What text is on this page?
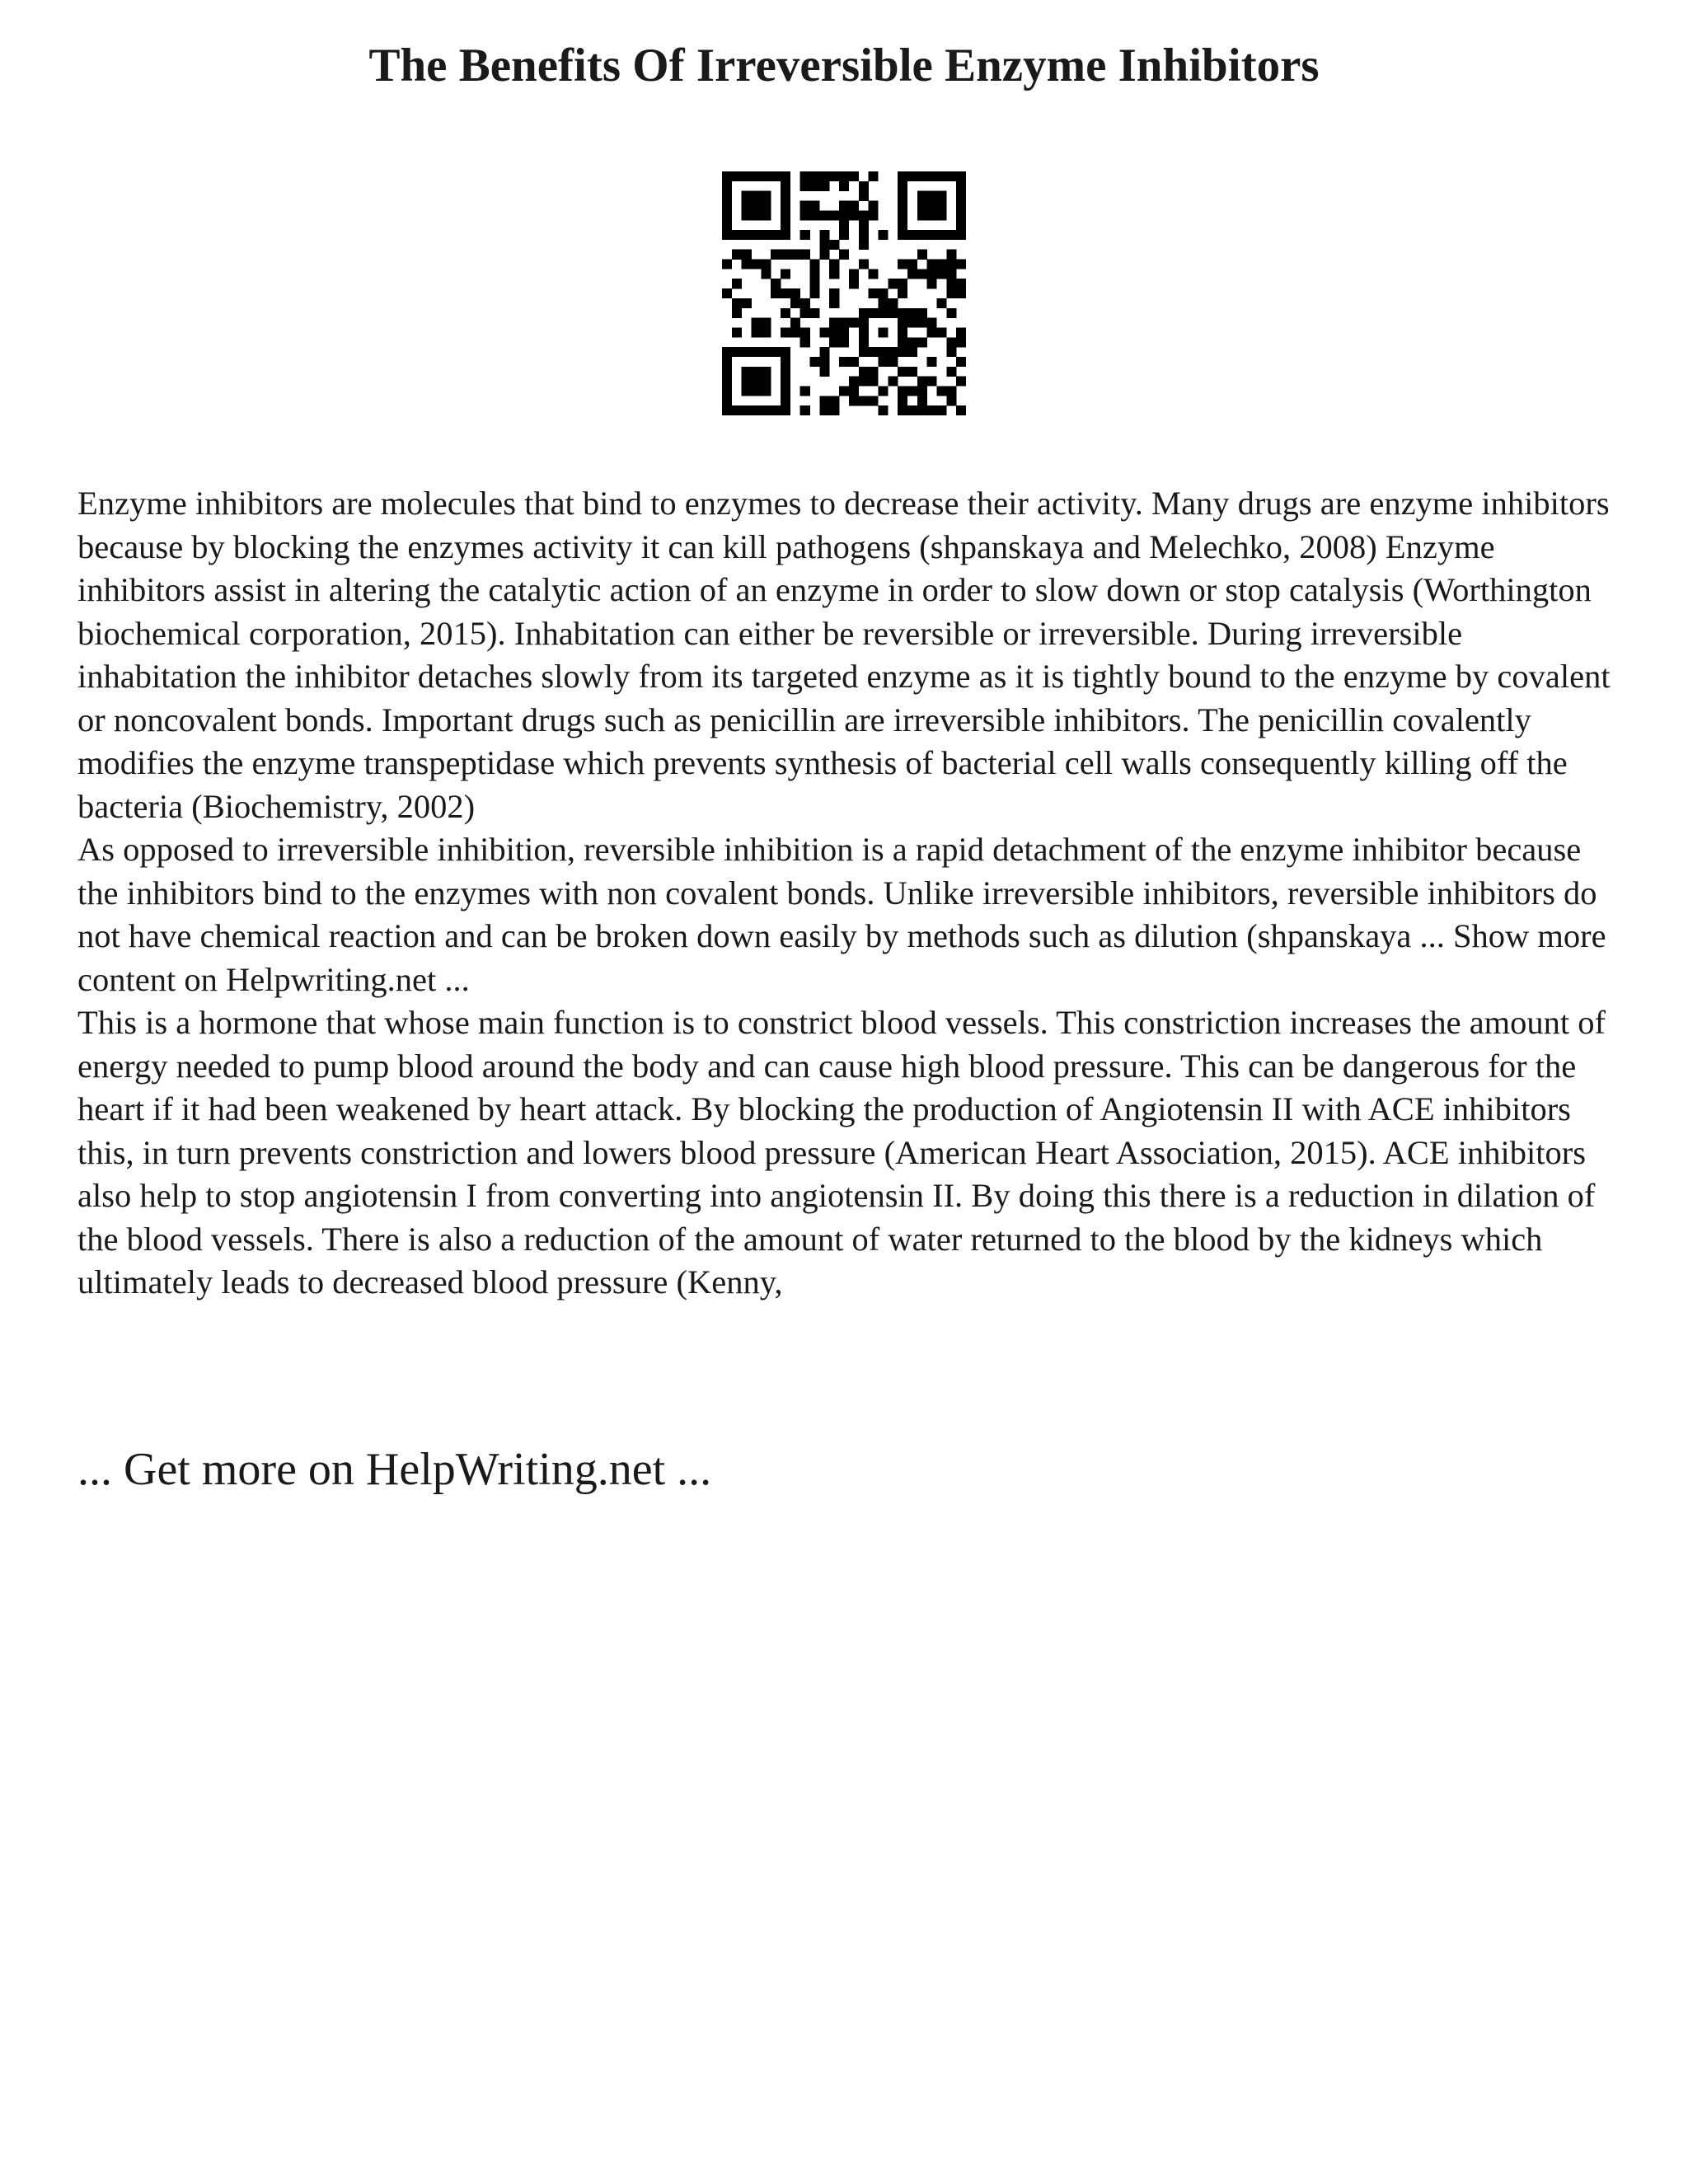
The Benefits Of Irreversible Enzyme Inhibitors

Enzyme inhibitors are molecules that bind to enzymes to decrease their activity. Many drugs are enzyme inhibitors because by blocking the enzymes activity it can kill pathogens (shpanskaya and Melechko, 2008) Enzyme inhibitors assist in altering the catalytic action of an enzyme in order to slow down or stop catalysis (Worthington biochemical corporation, 2015). Inhabitation can either be reversible or irreversible. During irreversible inhabitation the inhibitor detaches slowly from its targeted enzyme as it is tightly bound to the enzyme by covalent or noncovalent bonds. Important drugs such as penicillin are irreversible inhibitors. The penicillin covalently modifies the enzyme transpeptidase which prevents synthesis of bacterial cell walls consequently killing off the bacteria (Biochemistry, 2002)

As opposed to irreversible inhibition, reversible inhibition is a rapid detachment of the enzyme inhibitor because the inhibitors bind to the enzymes with non covalent bonds. Unlike irreversible inhibitors, reversible inhibitors do not have chemical reaction and can be broken down easily by methods such as dilution (shpanskaya ... Show more content on Helpwriting.net ...

This is a hormone that whose main function is to constrict blood vessels. This constriction increases the amount of energy needed to pump blood around the body and can cause high blood pressure. This can be dangerous for the heart if it had been weakened by heart attack. By blocking the production of Angiotensin II with ACE inhibitors this, in turn prevents constriction and lowers blood pressure (American Heart Association, 2015). ACE inhibitors also help to stop angiotensin I from converting into angiotensin II. By doing this there is a reduction in dilation of the blood vessels. There is also a reduction of the amount of water returned to the blood by the kidneys which ultimately leads to decreased blood pressure (Kenny,

... Get more on HelpWriting.net ...
